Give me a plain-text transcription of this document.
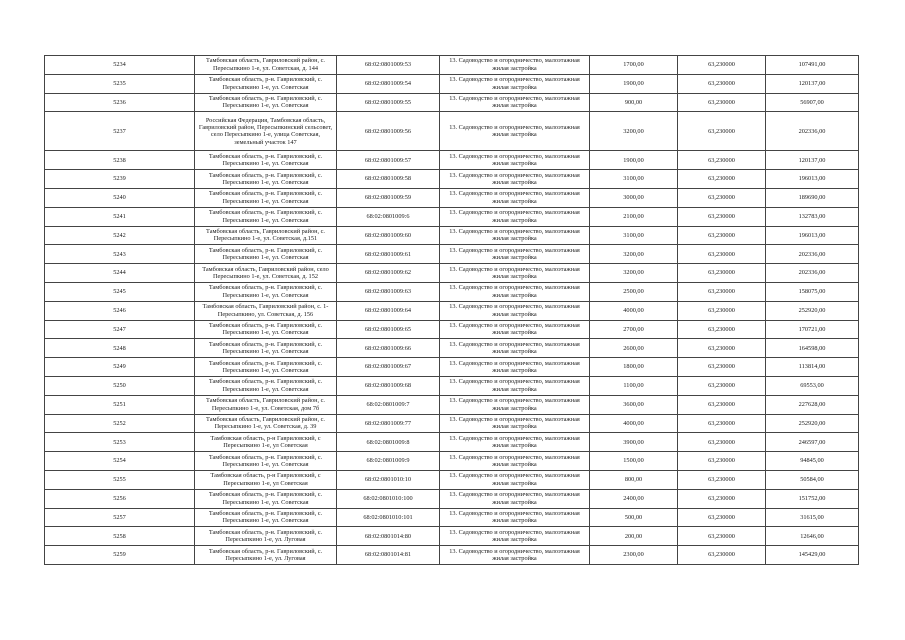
5234	Тамбовская область, Гавриловский район, с. Пересыпкино 1-е, ул. Советская, д. 144	68:02:0801009:53	13. Садоводство и огородничество, малоэтажная жилая застройка	1700,00	63,230000	107491,00
5235	Тамбовская область, р-н. Гавриловский, с. Пересыпкино 1-е, ул. Советская	68:02:0801009:54	13. Садоводство и огородничество, малоэтажная жилая застройка	1900,00	63,230000	120137,00
5236	Тамбовская область, р-н. Гавриловский, с. Пересыпкино 1-е, ул. Советская	68:02:0801009:55	13. Садоводство и огородничество, малоэтажная жилая застройка	900,00	63,230000	56907,00
5237	Российская Федерация, Тамбовская область, Гавриловский район, Пересыпкинский сельсовет, село Пересыпкино 1-е, улица Советская, земельный участок 147	68:02:0801009:56	13. Садоводство и огородничество, малоэтажная жилая застройка	3200,00	63,230000	202336,00
5238	Тамбовская область, р-н. Гавриловский, с. Пересыпкино 1-е, ул. Советская	68:02:0801009:57	13. Садоводство и огородничество, малоэтажная жилая застройка	1900,00	63,230000	120137,00
5239	Тамбовская область, р-н. Гавриловский, с. Пересыпкино 1-е, ул. Советская	68:02:0801009:58	13. Садоводство и огородничество, малоэтажная жилая застройка	3100,00	63,230000	196013,00
5240	Тамбовская область, р-н. Гавриловский, с. Пересыпкино 1-е, ул. Советская	68:02:0801009:59	13. Садоводство и огородничество, малоэтажная жилая застройка	3000,00	63,230000	189690,00
5241	Тамбовская область, р-н. Гавриловский, с. Пересыпкино 1-е, ул. Советская	68:02:0801009:6	13. Садоводство и огородничество, малоэтажная жилая застройка	2100,00	63,230000	132783,00
5242	Тамбовская область, Гавриловский район, с. Пересыпкино 1-е, ул. Советская, д.151	68:02:0801009:60	13. Садоводство и огородничество, малоэтажная жилая застройка	3100,00	63,230000	196013,00
5243	Тамбовская область, р-н. Гавриловский, с. Пересыпкино 1-е, ул. Советская	68:02:0801009:61	13. Садоводство и огородничество, малоэтажная жилая застройка	3200,00	63,230000	202336,00
5244	Тамбовская область, Гавриловский район, село Пересыпкино 1-е, ул. Советская, д. 152	68:02:0801009:62	13. Садоводство и огородничество, малоэтажная жилая застройка	3200,00	63,230000	202336,00
5245	Тамбовская область, р-н. Гавриловский, с. Пересыпкино 1-е, ул. Советская	68:02:0801009:63	13. Садоводство и огородничество, малоэтажная жилая застройка	2500,00	63,230000	158075,00
5246	Тамбовская область, Гавриловский район, с. 1-Пересыпкино, ул. Советская, д. 156	68:02:0801009:64	13. Садоводство и огородничество, малоэтажная жилая застройка	4000,00	63,230000	252920,00
5247	Тамбовская область, р-н. Гавриловский, с. Пересыпкино 1-е, ул. Советская	68:02:0801009:65	13. Садоводство и огородничество, малоэтажная жилая застройка	2700,00	63,230000	170721,00
5248	Тамбовская область, р-н. Гавриловский, с. Пересыпкино 1-е, ул. Советская	68:02:0801009:66	13. Садоводство и огородничество, малоэтажная жилая застройка	2600,00	63,230000	164598,00
5249	Тамбовская область, р-н. Гавриловский, с. Пересыпкино 1-е, ул. Советская	68:02:0801009:67	13. Садоводство и огородничество, малоэтажная жилая застройка	1800,00	63,230000	113814,00
5250	Тамбовская область, р-н. Гавриловский, с. Пересыпкино 1-е, ул. Советская	68:02:0801009:68	13. Садоводство и огородничество, малоэтажная жилая застройка	1100,00	63,230000	69553,00
5251	Тамбовская область, Гавриловский район, с. Пересыпкино 1-е, ул. Советская, дом 7б	68:02:0801009:7	13. Садоводство и огородничество, малоэтажная жилая застройка	3600,00	63,230000	227628,00
5252	Тамбовская область, Гавриловский район, с. Пересыпкино 1-е, ул. Советская, д. 39	68:02:0801009:77	13. Садоводство и огородничество, малоэтажная жилая застройка	4000,00	63,230000	252920,00
5253	Тамбовская область, р-н Гавриловский, с Пересыпкино 1-е, ул Советская	68:02:0801009:8	13. Садоводство и огородничество, малоэтажная жилая застройка	3900,00	63,230000	246597,00
5254	Тамбовская область, р-н. Гавриловский, с. Пересыпкино 1-е, ул. Советская	68:02:0801009:9	13. Садоводство и огородничество, малоэтажная жилая застройка	1500,00	63,230000	94845,00
5255	Тамбовская область, р-н Гавриловский, с Пересыпкино 1-е, ул Советская	68:02:0801010:10	13. Садоводство и огородничество, малоэтажная жилая застройка	800,00	63,230000	50584,00
5256	Тамбовская область, р-н. Гавриловский, с. Пересыпкино 1-е, ул. Советская	68:02:0801010:100	13. Садоводство и огородничество, малоэтажная жилая застройка	2400,00	63,230000	151752,00
5257	Тамбовская область, р-н. Гавриловский, с. Пересыпкино 1-е, ул. Советская	68:02:0801010:101	13. Садоводство и огородничество, малоэтажная жилая застройка	500,00	63,230000	31615,00
5258	Тамбовская область, р-н. Гавриловский, с. Пересыпкино 1-е, ул. Луговая	68:02:0801014:80	13. Садоводство и огородничество, малоэтажная жилая застройка	200,00	63,230000	12646,00
5259	Тамбовская область, р-н. Гавриловский, с. Пересыпкино 1-е, ул. Луговая	68:02:0801014:81	13. Садоводство и огородничество, малоэтажная жилая застройка	2300,00	63,230000	145429,00
